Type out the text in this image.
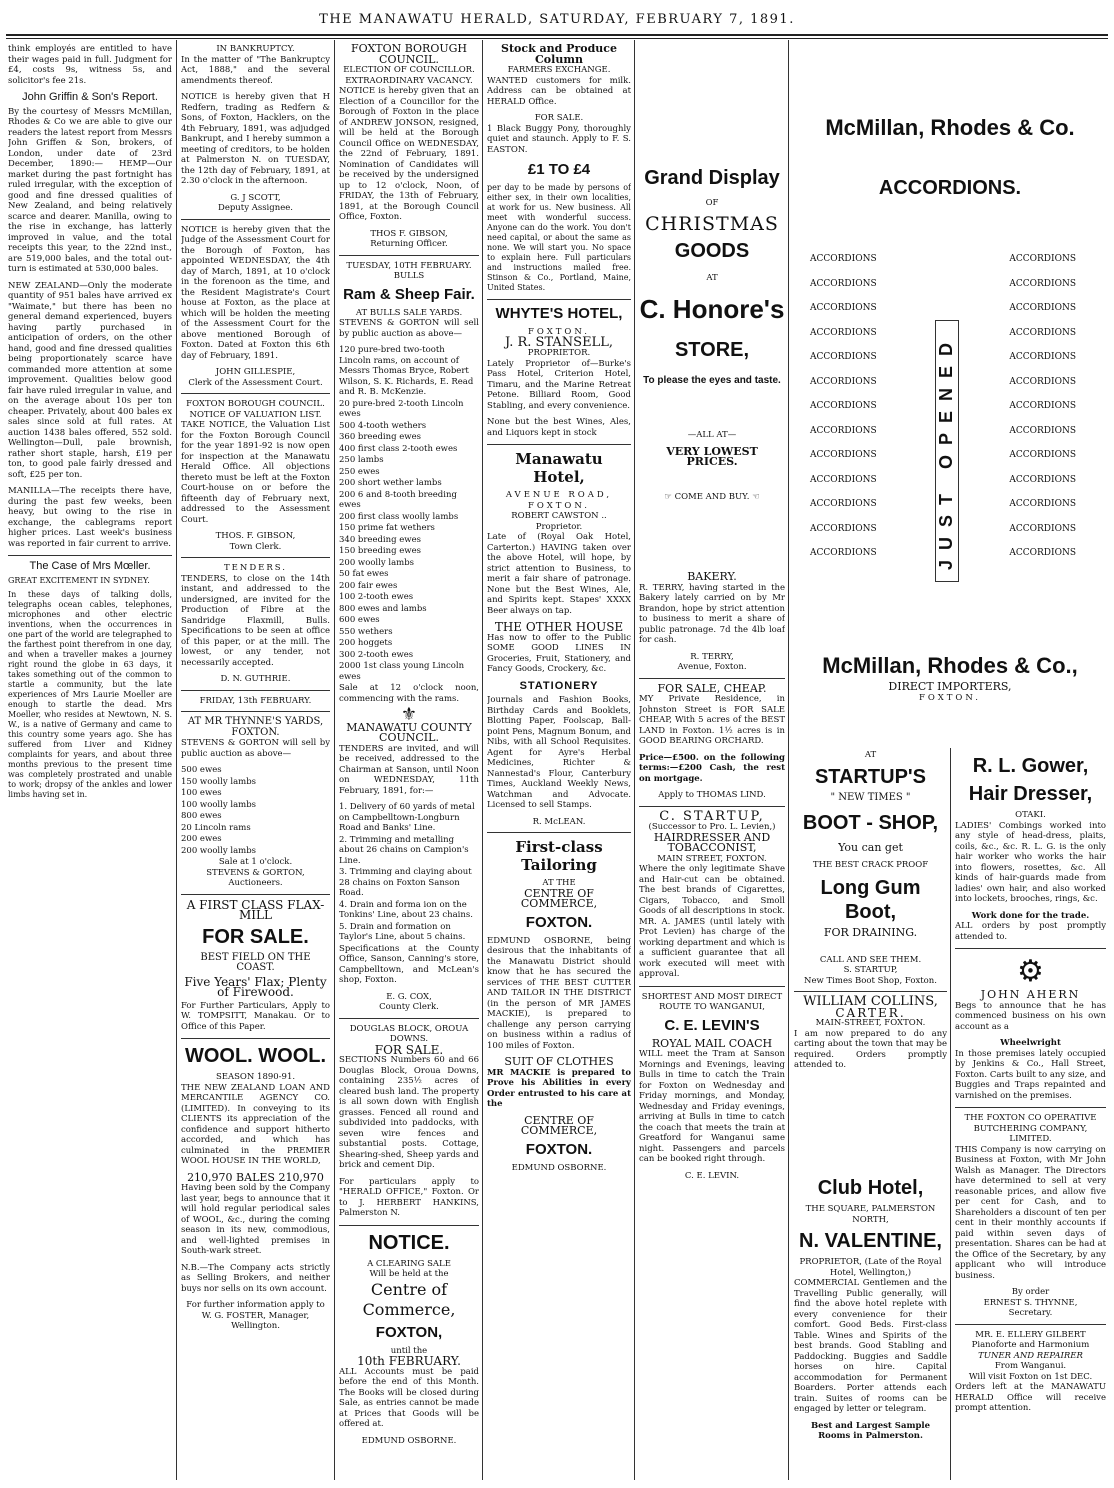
THE MANAWATU HERALD, SATURDAY, FEBRUARY 7, 1891.

think employés are entitled to have their wages paid in full. Judgment for £4, costs 9s, witness 5s, and solicitor's fee 21s.

John Griffin & Son's Report.

By the courtesy of Messrs McMillan, Rhodes & Co we are able to give our readers the latest report from Messrs John Griffen & Son, brokers, of London, under date of 23rd December, 1890:— HEMP—Our market during the past fortnight has ruled irregular, with the exception of good and fine dressed qualities of New Zealand, and being relatively scarce and dearer. Manilla, owing to the rise in exchange, has latterly improved in value, and the total receipts this year, to the 22nd inst., are 519,000 bales, and the total out-turn is estimated at 530,000 bales.

NEW ZEALAND—Only the moderate quantity of 951 bales have arrived ex "Waimate," but there has been no general demand experienced, buyers having partly purchased in anticipation of orders, on the other hand, good and fine dressed qualities being proportionately scarce have commanded more attention at some improvement. Qualities below good fair have ruled irregular in value, and on the average about 10s per ton cheaper. Privately, about 400 bales ex sales since sold at full rates. At auction 1438 bales offered, 552 sold. Wellington—Dull, pale brownish, rather short staple, harsh, £19 per ton, to good pale fairly dressed and soft, £25 per ton.

MANILLA—The receipts there have, during the past few weeks, been heavy, but owing to the rise in exchange, the cablegrams report higher prices. Last week's business was reported in fair current to arrive.

The Case of Mrs Mœller.
GREAT EXCITEMENT IN SYDNEY.

In these days of talking dolls, telegraphs ocean cables, telephones, microphones and other electric inventions, when the occurrences in one part of the world are telegraphed to the farthest point therefrom in one day, and when a traveller makes a journey right round the globe in 63 days, it takes something out of the common to startle a community, but the late experiences of Mrs Laurie Moeller are enough to startle the dead. Mrs Moeller, who resides at Newtown, N. S. W., is a native of Germany and came to this country some years ago. She has suffered from Liver and Kidney complaints for years, and about three months previous to the present time was completely prostrated and unable to work; dropsy of the ankles and lower limbs having set in.

IN BANKRUPTCY.

In the matter of "The Bankruptcy Act, 1888," and the several amendments thereof.

NOTICE is hereby given that H Redfern, trading as Redfern & Sons, of Foxton, Hacklers, on the 4th February, 1891, was adjudged Bankrupt, and I hereby summon a meeting of creditors, to be holden at Palmerston N. on TUESDAY, the 12th day of February, 1891, at 2.30 o'clock in the afternoon.

G. J SCOTT,
Deputy Assignee.

NOTICE is hereby given that the Judge of the Assessment Court for the Borough of Foxton, has appointed WEDNESDAY, the 4th day of March, 1891, at 10 o'clock in the forenoon as the time, and the Resident Magistrate's Court house at Foxton, as the place at which will be holden the meeting of the Assessment Court for the above mentioned Borough of Foxton. Dated at Foxton this 6th day of February, 1891.

JOHN GILLESPIE,
Clerk of the Assessment Court.
FOXTON BOROUGH COUNCIL. NOTICE OF VALUATION LIST.

TAKE NOTICE, the Valuation List for the Foxton Borough Council for the year 1891-92 is now open for inspection at the Manawatu Herald Office. All objections thereto must be left at the Foxton Court-house on or before the fifteenth day of February next, addressed to the Assessment Court.

THOS. F. GIBSON,
Town Clerk.
TENDERS.

TENDERS, to close on the 14th instant, and addressed to the undersigned, are invited for the Production of Fibre at the Sandridge Flaxmill, Bulls. Specifications to be seen at office of this paper, or at the mill. The lowest, or any tender, not necessarily accepted.

D. N. GUTHRIE.
FRIDAY, 13th FEBRUARY.
AT MR THYNNE'S YARDS, FOXTON.

STEVENS & GORTON will sell by public auction as above—

500 ewes
150 woolly lambs
100 ewes
100 woolly lambs
800 ewes
20 Lincoln rams
200 ewes
200 woolly lambs
Sale at 1 o'clock.
STEVENS & GORTON,
Auctioneers.
A FIRST CLASS FLAX-MILL
FOR SALE.
BEST FIELD ON THE COAST.
Five Years' Flax; Plenty of Firewood.

For Further Particulars, Apply to W. TOMPSITT, Manakau. Or to Office of this Paper.

WOOL. WOOL.
SEASON 1890-91.

THE NEW ZEALAND LOAN AND MERCANTILE AGENCY CO. (LIMITED). In conveying to its CLIENTS its appreciation of the confidence and support hitherto accorded, and which has culminated in the PREMIER WOOL HOUSE IN THE WORLD,

210,970 BALES 210,970

Having been sold by the Company last year, begs to announce that it will hold regular periodical sales of WOOL, &c., during the coming season in its new, commodious, and well-lighted premises in South-wark street.

N.B.—The Company acts strictly as Selling Brokers, and neither buys nor sells on its own account.

For further information apply to W. G. FOSTER, Manager, Wellington.
FOXTON BOROUGH COUNCIL.
ELECTION OF COUNCILLOR.
EXTRAORDINARY VACANCY.

NOTICE is hereby given that an Election of a Councillor for the Borough of Foxton in the place of ANDREW JONSON, resigned, will be held at the Borough Council Office on WEDNESDAY, the 22nd of February, 1891. Nomination of Candidates will be received by the undersigned up to 12 o'clock, Noon, of FRIDAY, the 13th of February, 1891, at the Borough Council Office, Foxton.

THOS F. GIBSON,
Returning Officer.
TUESDAY, 10TH FEBRUARY.
BULLS
Ram & Sheep Fair.
AT BULLS SALE YARDS.

STEVENS & GORTON will sell by public auction as above—

120 pure-bred two-tooth Lincoln rams, on account of Messrs Thomas Bryce, Robert Wilson, S. K. Richards, E. Read and R. B. McKenzie.
20 pure-bred 2-tooth Lincoln ewes
500 4-tooth wethers
360 breeding ewes
400 first class 2-tooth ewes
250 lambs
250 ewes
200 short wether lambs
200 6 and 8-tooth breeding ewes
200 first class woolly lambs
150 prime fat wethers
340 breeding ewes
150 breeding ewes
200 woolly lambs
50 fat ewes
200 fair ewes
100 2-tooth ewes
800 ewes and lambs
600 ewes
550 wethers
200 hoggets
300 2-tooth ewes
2000 1st class young Lincoln ewes

Sale at 12 o'clock noon, commencing with the rams.

⚜
MANAWATU COUNTY COUNCIL.

TENDERS are invited, and will be received, addressed to the Chairman at Sanson, until Noon on WEDNESDAY, 11th February, 1891, for:—

1. Delivery of 60 yards of metal on Campbelltown-Longburn Road and Banks' Line.
2. Trimming and metalling about 26 chains on Campion's Line.
3. Trimming and claying about 28 chains on Foxton Sanson Road.
4. Drain and forma ion on the Tonkins' Line, about 23 chains.
5. Drain and formation on Taylor's Line, about 5 chains.

Specifications at the County Office, Sanson, Canning's store, Campbelltown, and McLean's shop, Foxton.

E. G. COX,
County Clerk.
DOUGLAS BLOCK, OROUA DOWNS.
FOR SALE.

SECTIONS Numbers 60 and 66 Douglas Block, Oroua Downs, containing 235½ acres of cleared bush land. The property is all sown down with English grasses. Fenced all round and subdivided into paddocks, with seven wire fences and substantial posts. Cottage, Shearing-shed, Sheep yards and brick and cement Dip.

For particulars apply to "HERALD OFFICE," Foxton. Or to J. HERBERT HANKINS, Palmerston N.

NOTICE.
A CLEARING SALE
Will be held at the
Centre of Commerce,
FOXTON,
until the
10th FEBRUARY.

ALL Accounts must be paid before the end of this Month. The Books will be closed during Sale, as entries cannot be made at Prices that Goods will be offered at.

EDMUND OSBORNE.
Stock and Produce Column
FARMERS EXCHANGE.

WANTED customers for milk. Address can be obtained at HERALD Office.

FOR SALE.

1 Black Buggy Pony, thoroughly quiet and staunch. Apply to F. S. EASTON.

£1 TO £4

per day to be made by persons of either sex, in their own localities, at work for us. New business. All meet with wonderful success. Anyone can do the work. You don't need capital, or about the same as none. We will start you. No space to explain here. Full particulars and instructions mailed free. Stinson & Co., Portland, Maine, United States.

WHYTE'S HOTEL,
FOXTON.
J. R. STANSELL,
PROPRIETOR.

Lately Proprietor of—Burke's Pass Hotel, Criterion Hotel, Timaru, and the Marine Retreat Petone. Billiard Room, Good Stabling, and every convenience.

None but the best Wines, Ales, and Liquors kept in stock

Manawatu Hotel,
AVENUE ROAD,
FOXTON.
ROBERT CAWSTON .. Proprietor.

Late of (Royal Oak Hotel, Carterton.) HAVING taken over the above Hotel, will hope, by strict attention to Business, to merit a fair share of patronage. None but the Best Wines, Ale, and Spirits kept. Stapes' XXXX Beer always on tap.

THE OTHER HOUSE

Has now to offer to the Public SOME GOOD LINES IN Groceries, Fruit, Stationery, and Fancy Goods, Crockery, &c.

STATIONERY

Journals and Fashion Books, Birthday Cards and Booklets, Blotting Paper, Foolscap, Ball-point Pens, Magnum Bonum, and Nibs, with all School Requisites. Agent for Ayre's Herbal Medicines, Richter & Nannestad's Flour, Canterbury Times, Auckland Weekly News, Watchman and Advocate. Licensed to sell Stamps.

R. McLEAN.
First-class Tailoring
AT THE
CENTRE OF COMMERCE,
FOXTON.

EDMUND OSBORNE, being desirous that the inhabitants of the Manawatu District should know that he has secured the services of THE BEST CUTTER AND TAILOR IN THE DISTRICT (in the person of MR JAMES MACKIE), is prepared to challenge any person carrying on business within a radius of 100 miles of Foxton.

SUIT OF CLOTHES

MR MACKIE is prepared to Prove his Abilities in every Order entrusted to his care at the

CENTRE OF COMMERCE,
FOXTON.
EDMUND OSBORNE.
Grand Display
OF
CHRISTMAS
GOODS
AT
C. Honore's
STORE,
To please the eyes and taste.
—ALL AT—
VERY LOWEST PRICES.
☞ COME AND BUY. ☜
BAKERY.

R. TERRY, having started in the Bakery lately carried on by Mr Brandon, hope by strict attention to business to merit a share of public patronage. 7d the 4lb loaf for cash.

R. TERRY,
Avenue, Foxton.
FOR SALE, CHEAP.

MY Private Residence, in Johnston Street is FOR SALE CHEAP, With 5 acres of the BEST LAND in Foxton. 1½ acres is in GOOD BEARING ORCHARD.

Price—£500. on the following terms:—£200 Cash, the rest on mortgage.

Apply to THOMAS LIND.
C. STARTUP,
(Successor to Pro. L. Levien,)
HAIRDRESSER AND TOBACCONIST,
MAIN STREET, FOXTON.

Where the only legitimate Shave and Hair-cut can be obtained. The best brands of Cigarettes, Cigars, Tobacco, and Smoll Goods of all descriptions in stock. MR. A. JAMES (until lately with Prot Levien) has charge of the working department and which is a sufficient guarantee that all work executed will meet with approval.

SHORTEST AND MOST DIRECT ROUTE TO WANGANUI,
C. E. LEVIN'S
ROYAL MAIL COACH

WILL meet the Tram at Sanson Mornings and Evenings, leaving Bulls in time to catch the Train for Foxton on Wednesday and Friday mornings, and Monday, Wednesday and Friday evenings, arriving at Bulls in time to catch the coach that meets the train at Greatford for Wanganui same night. Passengers and parcels can be booked right through.

C. E. LEVIN.
McMillan, Rhodes & Co.
ACCORDIONS.
ACCORDIONS	ACCORDIONS
ACCORDIONS	ACCORDIONS
ACCORDIONS	ACCORDIONS
ACCORDIONS	ACCORDIONS
ACCORDIONS	ACCORDIONS
ACCORDIONS	ACCORDIONS
ACCORDIONS	ACCORDIONS
ACCORDIONS	ACCORDIONS
ACCORDIONS	ACCORDIONS
ACCORDIONS	ACCORDIONS
ACCORDIONS	ACCORDIONS
ACCORDIONS	ACCORDIONS
ACCORDIONS	ACCORDIONS
JUST OPENED
McMillan, Rhodes & Co.,
DIRECT IMPORTERS,
FOXTON.
AT
STARTUP'S
" NEW TIMES "
BOOT - SHOP,
You can get
THE BEST CRACK PROOF
Long Gum Boot,
FOR DRAINING.
CALL AND SEE THEM.
S. STARTUP,
New Times Boot Shop, Foxton.
WILLIAM COLLINS,
CARTER.
MAIN-STREET, FOXTON.

I am now prepared to do any carting about the town that may be required. Orders promptly attended to.

Club Hotel,
THE SQUARE, PALMERSTON NORTH,
N. VALENTINE,
PROPRIETOR, (Late of the Royal Hotel, Wellington,)

COMMERCIAL Gentlemen and the Travelling Public generally, will find the above hotel replete with every convenience for their comfort. Good Beds. First-class Table. Wines and Spirits of the best brands. Good Stabling and Paddocking. Buggies and Saddle horses on hire. Capital accommodation for Permanent Boarders. Porter attends each train. Suites of rooms can be engaged by letter or telegram.

Best and Largest Sample Rooms in Palmerston.
R. L. Gower,
Hair Dresser,
OTAKI.

LADIES' Combings worked into any style of head-dress, plaits, coils, &c., &c. R. L. G. is the only hair worker who works the hair into flowers, rosettes, &c. All kinds of hair-guards made from ladies' own hair, and also worked into lockets, brooches, rings, &c.

Work done for the trade.

ALL orders by post promptly attended to.

⚙
JOHN AHERN

Begs to announce that he has commenced business on his own account as a

Wheelwright

In those premises lately occupied by Jenkins & Co., Hall Street, Foxton. Carts built to any size, and Buggies and Traps repainted and varnished on the premises.

THE FOXTON CO OPERATIVE BUTCHERING COMPANY, LIMITED.

THIS Company is now carrying on Business at Foxton, with Mr John Walsh as Manager. The Directors have determined to sell at very reasonable prices, and allow five per cent for Cash, and to Shareholders a discount of ten per cent in their monthly accounts if paid within seven days of presentation. Shares can be had at the Office of the Secretary, by any applicant who will introduce business.

By order
ERNEST S. THYNNE,
Secretary.
MR. E. ELLERY GILBERT
Pianoforte and Harmonium
TUNER AND REPAIRER
From Wanganui.
Will visit Foxton on 1st DEC.

Orders left at the MANAWATU HERALD Office will receive prompt attention.
